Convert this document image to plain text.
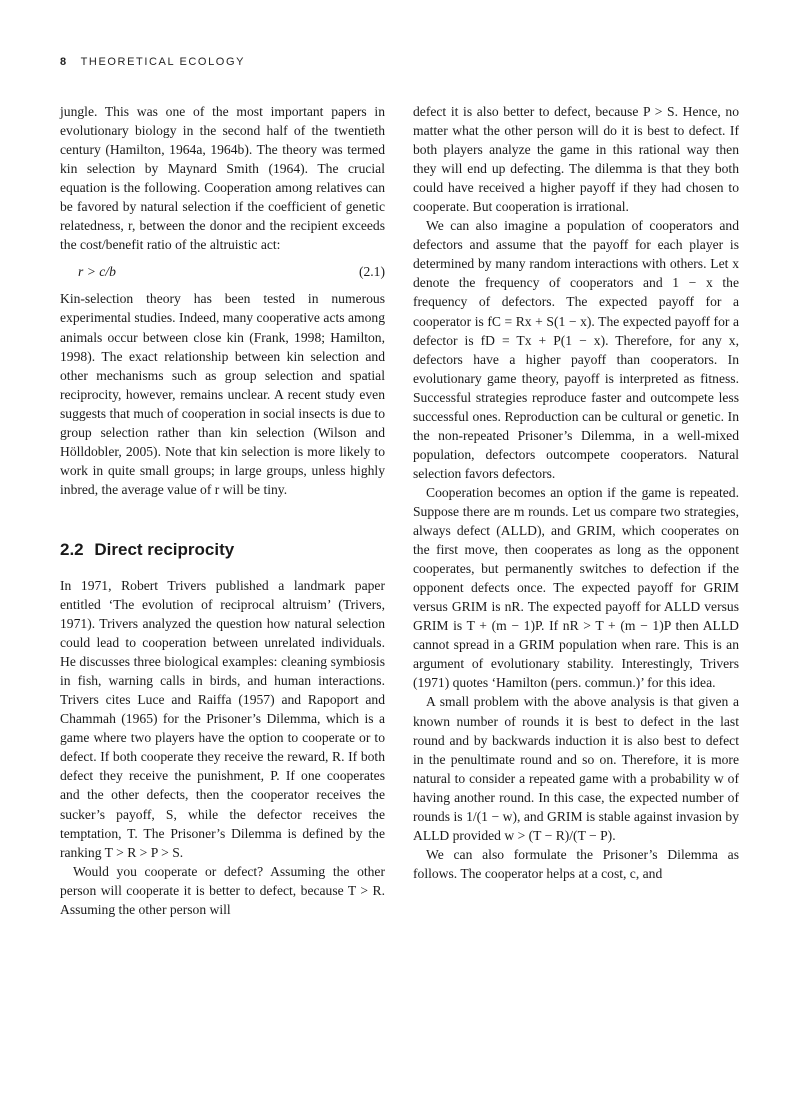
8 THEORETICAL ECOLOGY

jungle. This was one of the most important papers in evolutionary biology in the second half of the twentieth century (Hamilton, 1964a, 1964b). The theory was termed kin selection by Maynard Smith (1964). The crucial equation is the following. Cooperation among relatives can be favored by natural selection if the coefficient of genetic relatedness, r, between the donor and the recipient exceeds the cost/benefit ratio of the altruistic act:

r > c/b	(2.1)

Kin-selection theory has been tested in numerous experimental studies. Indeed, many cooperative acts among animals occur between close kin (Frank, 1998; Hamilton, 1998). The exact relationship between kin selection and other mechanisms such as group selection and spatial reciprocity, however, remains unclear. A recent study even suggests that much of cooperation in social insects is due to group selection rather than kin selection (Wilson and Hölldobler, 2005). Note that kin selection is more likely to work in quite small groups; in large groups, unless highly inbred, the average value of r will be tiny.

2.2 Direct reciprocity

In 1971, Robert Trivers published a landmark paper entitled ‘The evolution of reciprocal altruism’ (Trivers, 1971). Trivers analyzed the question how natural selection could lead to cooperation between unrelated individuals. He discusses three biological examples: cleaning symbiosis in fish, warning calls in birds, and human interactions. Trivers cites Luce and Raiffa (1957) and Rapoport and Chammah (1965) for the Prisoner’s Dilemma, which is a game where two players have the option to cooperate or to defect. If both cooperate they receive the reward, R. If both defect they receive the punishment, P. If one cooperates and the other defects, then the cooperator receives the sucker’s payoff, S, while the defector receives the temptation, T. The Prisoner’s Dilemma is defined by the ranking T > R > P > S.

Would you cooperate or defect? Assuming the other person will cooperate it is better to defect, because T > R. Assuming the other person will

defect it is also better to defect, because P > S. Hence, no matter what the other person will do it is best to defect. If both players analyze the game in this rational way then they will end up defecting. The dilemma is that they both could have received a higher payoff if they had chosen to cooperate. But cooperation is irrational.

We can also imagine a population of cooperators and defectors and assume that the payoff for each player is determined by many random interactions with others. Let x denote the frequency of cooperators and 1 − x the frequency of defectors. The expected payoff for a cooperator is fC = Rx + S(1 − x). The expected payoff for a defector is fD = Tx + P(1 − x). Therefore, for any x, defectors have a higher payoff than cooperators. In evolutionary game theory, payoff is interpreted as fitness. Successful strategies reproduce faster and outcompete less successful ones. Reproduction can be cultural or genetic. In the non-repeated Prisoner’s Dilemma, in a well-mixed population, defectors outcompete cooperators. Natural selection favors defectors.

Cooperation becomes an option if the game is repeated. Suppose there are m rounds. Let us compare two strategies, always defect (ALLD), and GRIM, which cooperates on the first move, then cooperates as long as the opponent cooperates, but permanently switches to defection if the opponent defects once. The expected payoff for GRIM versus GRIM is nR. The expected payoff for ALLD versus GRIM is T + (m − 1)P. If nR > T + (m − 1)P then ALLD cannot spread in a GRIM population when rare. This is an argument of evolutionary stability. Interestingly, Trivers (1971) quotes ‘Hamilton (pers. commun.)’ for this idea.

A small problem with the above analysis is that given a known number of rounds it is best to defect in the last round and by backwards induction it is also best to defect in the penultimate round and so on. Therefore, it is more natural to consider a repeated game with a probability w of having another round. In this case, the expected number of rounds is 1/(1 − w), and GRIM is stable against invasion by ALLD provided w > (T − R)/(T − P).

We can also formulate the Prisoner’s Dilemma as follows. The cooperator helps at a cost, c, and
